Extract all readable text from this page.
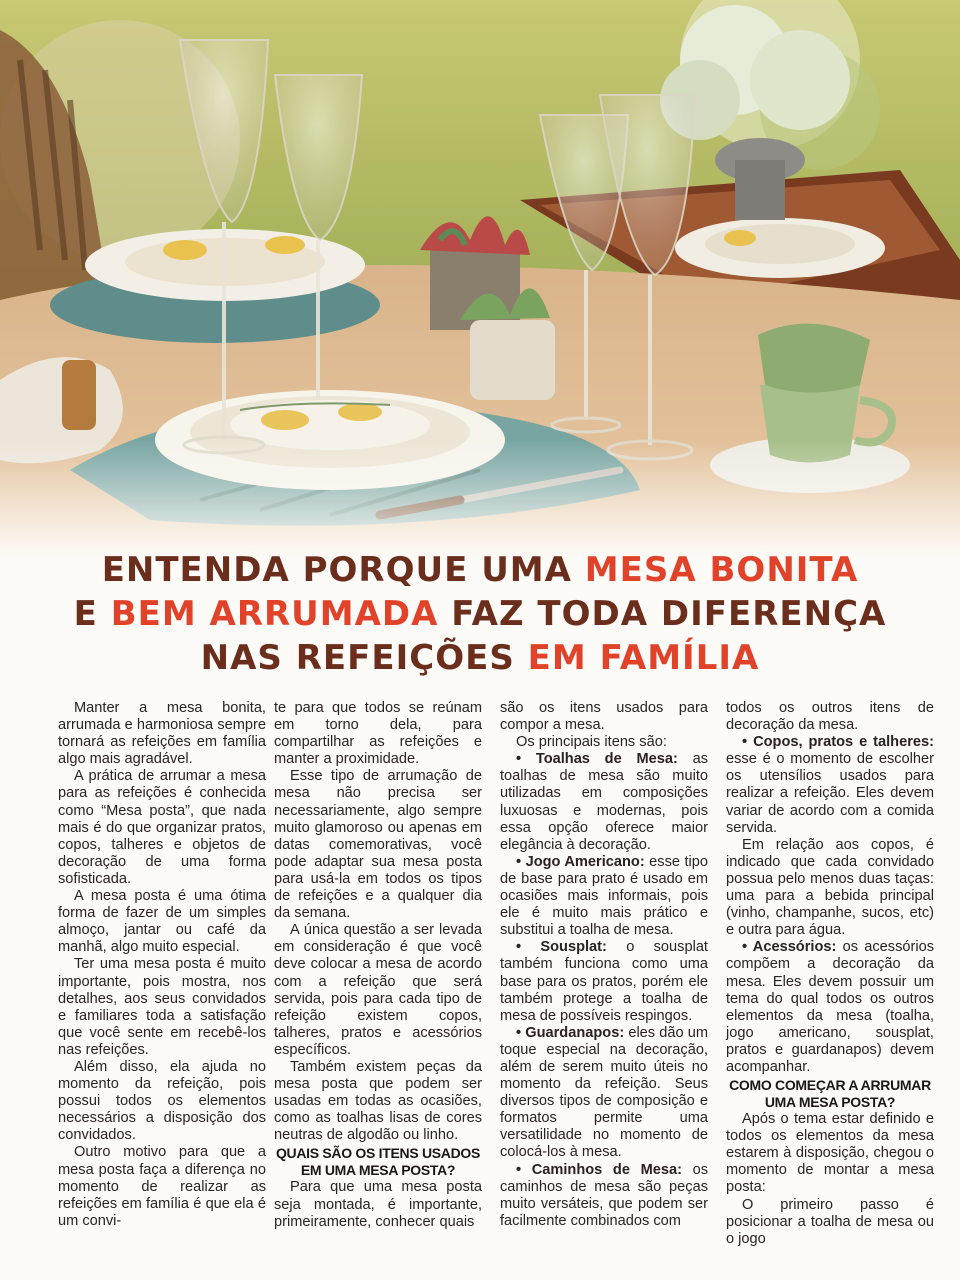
ENTENDA PORQUE UMA MESA BONITA
E BEM ARRUMADA FAZ TODA DIFERENÇA
NAS REFEIÇÕES EM FAMÍLIA

Manter a mesa bonita, arrumada e harmoniosa sempre tornará as refeições em família algo mais agradável.

A prática de arrumar a mesa para as refeições é conhecida como “Mesa posta”, que nada mais é do que organizar pratos, copos, talheres e objetos de decoração de uma forma sofisticada.

A mesa posta é uma ótima forma de fazer de um simples almoço, jantar ou café da manhã, algo muito especial.

Ter uma mesa posta é muito importante, pois mostra, nos detalhes, aos seus convidados e familiares toda a satisfação que você sente em recebê-los nas refeições.

Além disso, ela ajuda no momento da refeição, pois possui todos os elementos necessários a disposição dos convidados.

Outro motivo para que a mesa posta faça a diferença no momento de realizar as refeições em família é que ela é um convi-

te para que todos se reúnam em torno dela, para compartilhar as refeições e manter a proximidade.

Esse tipo de arrumação de mesa não precisa ser necessariamente, algo sempre muito glamoroso ou apenas em datas comemorativas, você pode adaptar sua mesa posta para usá-la em todos os tipos de refeições e a qualquer dia da semana.

A única questão a ser levada em consideração é que você deve colocar a mesa de acordo com a refeição que será servida, pois para cada tipo de refeição existem copos, talheres, pratos e acessórios específicos.

Também existem peças da mesa posta que podem ser usadas em todas as ocasiões, como as toalhas lisas de cores neutras de algodão ou linho.

QUAIS SÃO OS ITENS USADOS EM UMA MESA POSTA?

Para que uma mesa posta seja montada, é importante, primeiramente, conhecer quais

são os itens usados para compor a mesa.

Os principais itens são:

• Toalhas de Mesa: as toalhas de mesa são muito utilizadas em composições luxuosas e modernas, pois essa opção oferece maior elegância à decoração.

• Jogo Americano: esse tipo de base para prato é usado em ocasiões mais informais, pois ele é muito mais prático e substitui a toalha de mesa.

• Sousplat: o sousplat também funciona como uma base para os pratos, porém ele também protege a toalha de mesa de possíveis respingos.

• Guardanapos: eles dão um toque especial na decoração, além de serem muito úteis no momento da refeição. Seus diversos tipos de composição e formatos permite uma versatilidade no momento de colocá-los à mesa.

• Caminhos de Mesa: os caminhos de mesa são peças muito versáteis, que podem ser facilmente combinados com

todos os outros itens de decoração da mesa.

• Copos, pratos e talheres: esse é o momento de escolher os utensílios usados para realizar a refeição. Eles devem variar de acordo com a comida servida.

Em relação aos copos, é indicado que cada convidado possua pelo menos duas taças: uma para a bebida principal (vinho, champanhe, sucos, etc) e outra para água.

• Acessórios: os acessórios compõem a decoração da mesa. Eles devem possuir um tema do qual todos os outros elementos da mesa (toalha, jogo americano, sousplat, pratos e guardanapos) devem acompanhar.

COMO COMEÇAR A ARRUMAR UMA MESA POSTA?

Após o tema estar definido e todos os elementos da mesa estarem à disposição, chegou o momento de montar a mesa posta:

O primeiro passo é posicionar a toalha de mesa ou o jogo
